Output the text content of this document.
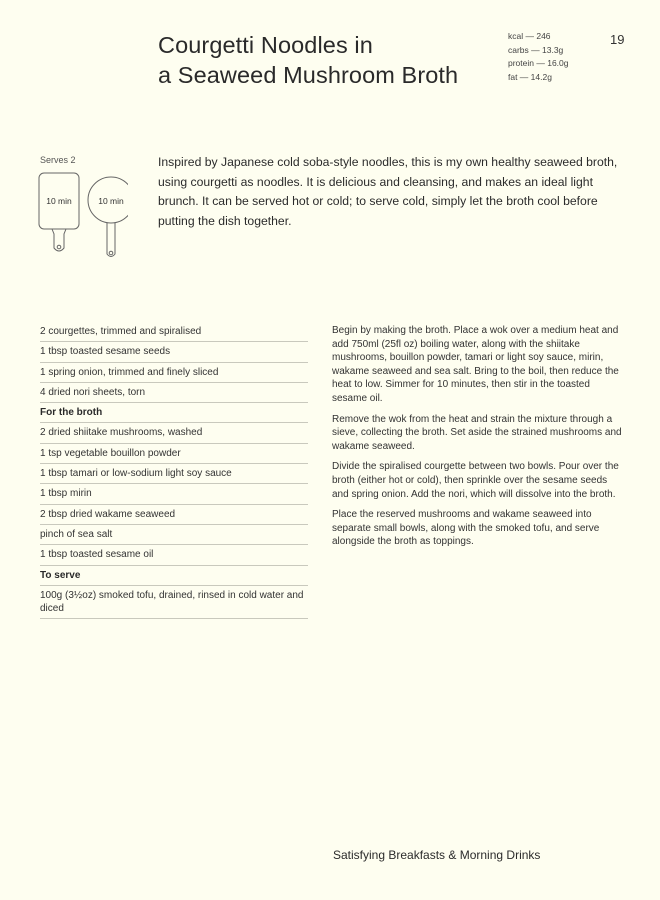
Courgetti Noodles in
a Seaweed Mushroom Broth
kcal — 246
carbs — 13.3g
protein — 16.0g
fat — 14.2g
19
Serves 2
10 min	10 min
Inspired by Japanese cold soba-style noodles, this is my own healthy seaweed broth, using courgetti as noodles. It is delicious and cleansing, and makes an ideal light brunch. It can be served hot or cold; to serve cold, simply let the broth cool before putting the dish together.
2 courgettes, trimmed and spiralised
1 tbsp toasted sesame seeds
1 spring onion, trimmed and finely sliced
4 dried nori sheets, torn
For the broth
2 dried shiitake mushrooms, washed
1 tsp vegetable bouillon powder
1 tbsp tamari or low-sodium light soy sauce
1 tbsp mirin
2 tbsp dried wakame seaweed
pinch of sea salt
1 tbsp toasted sesame oil
To serve
100g (3½oz) smoked tofu, drained, rinsed in cold water and diced

Begin by making the broth. Place a wok over a medium heat and add 750ml (25fl oz) boiling water, along with the shiitake mushrooms, bouillon powder, tamari or light soy sauce, mirin, wakame seaweed and sea salt. Bring to the boil, then reduce the heat to low. Simmer for 10 minutes, then stir in the toasted sesame oil.

Remove the wok from the heat and strain the mixture through a sieve, collecting the broth. Set aside the strained mushrooms and wakame seaweed.

Divide the spiralised courgette between two bowls. Pour over the broth (either hot or cold), then sprinkle over the sesame seeds and spring onion. Add the nori, which will dissolve into the broth.

Place the reserved mushrooms and wakame seaweed into separate small bowls, along with the smoked tofu, and serve alongside the broth as toppings.

Satisfying Breakfasts & Morning Drinks
